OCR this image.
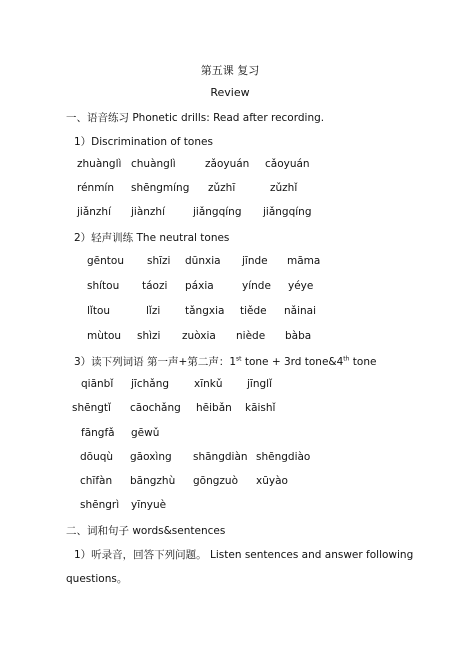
第五课 复习
Review
一、语音练习 Phonetic drills: Read after recording.
1）Discrimination of tones
zhuànglì chuànglì	zǎoyuán cǎoyuán
rénmín shēngmíng zǔzhī	zǔzhǐ
jiǎnzhí jiànzhí	jiǎngqíng jiǎngqíng
2）轻声训练 The neutral tones
gēntou shīzi dūnxia jīnde māma
shítou táozi páxia	yínde yéye
lǐtou	lǐzi tǎngxia tiěde nǎinai
mùtou shìzi zuòxia niède bàba
3）读下列词语 第一声+第二声：1st tone + 3rd tone&4th tone
qiānbǐ jīchǎng xīnkǔ jīnglǐ
shēngtǐ cāochǎng hēibǎn kāishǐ
fāngfǎ gēwǔ
dōuqù gāoxìng shāngdiàn shēngdiào
chīfàn bāngzhù gōngzuò xūyào
shēngrì yīnyuè
二、词和句子 words&sentences
1）听录音，回答下列问题。 Listen sentences and answer following
questions。
